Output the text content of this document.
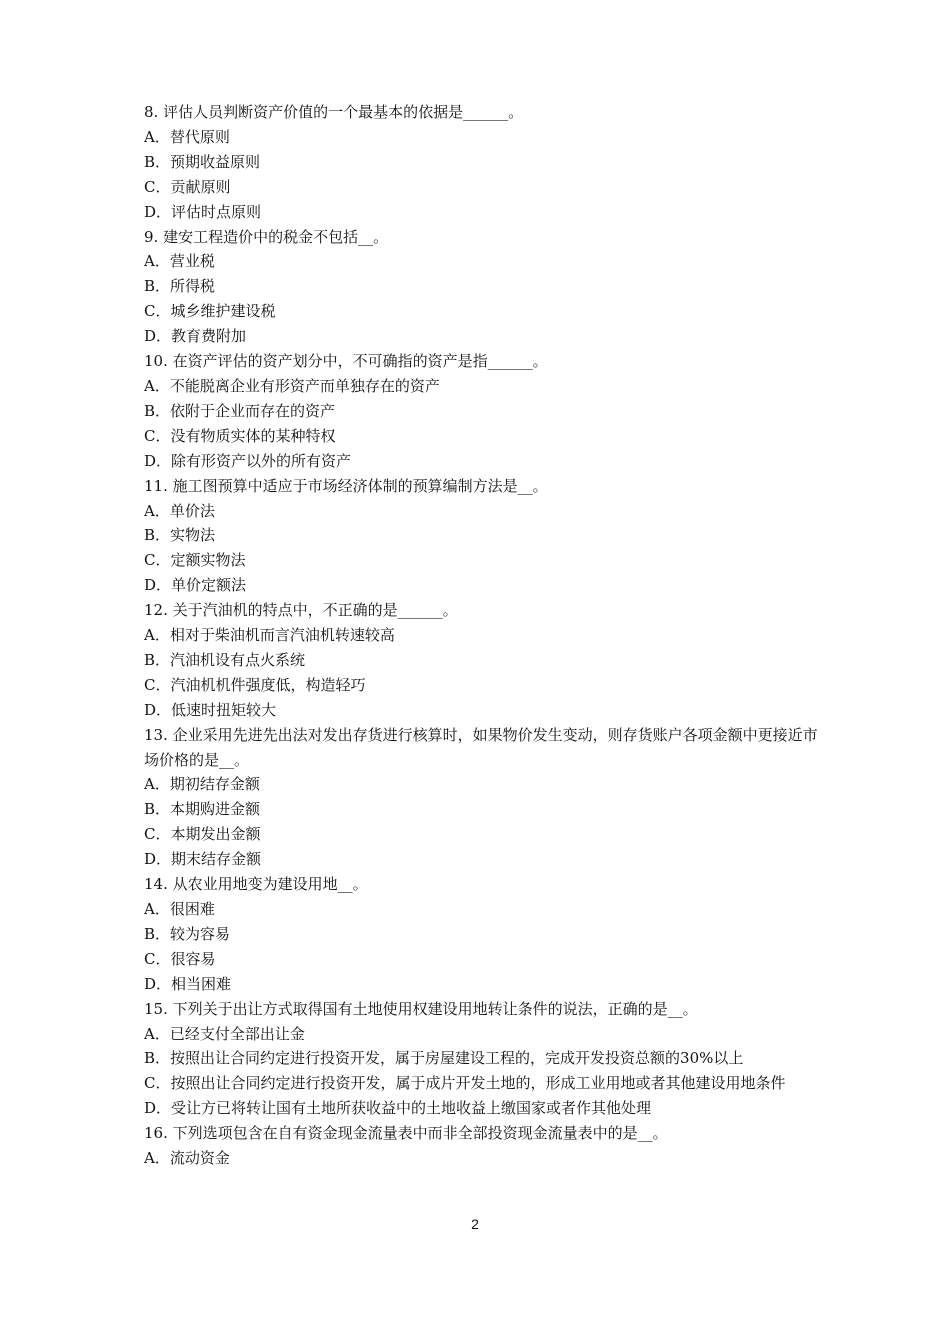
8. 评估人员判断资产价值的一个最基本的依据是______。

A．替代原则

B．预期收益原则

C．贡献原则

D．评估时点原则

9. 建安工程造价中的税金不包括__。

A．营业税

B．所得税

C．城乡维护建设税

D．教育费附加

10. 在资产评估的资产划分中，不可确指的资产是指______。

A．不能脱离企业有形资产而单独存在的资产

B．依附于企业而存在的资产

C．没有物质实体的某种特权

D．除有形资产以外的所有资产

11. 施工图预算中适应于市场经济体制的预算编制方法是__。

A．单价法

B．实物法

C．定额实物法

D．单价定额法

12. 关于汽油机的特点中，不正确的是______。

A．相对于柴油机而言汽油机转速较高

B．汽油机设有点火系统

C．汽油机机件强度低，构造轻巧

D．低速时扭矩较大

13. 企业采用先进先出法对发出存货进行核算时，如果物价发生变动，则存货账户各项金额中更接近市场价格的是__。

A．期初结存金额

B．本期购进金额

C．本期发出金额

D．期末结存金额

14. 从农业用地变为建设用地__。

A．很困难

B．较为容易

C．很容易

D．相当困难

15. 下列关于出让方式取得国有土地使用权建设用地转让条件的说法，正确的是__。

A．已经支付全部出让金

B．按照出让合同约定进行投资开发，属于房屋建设工程的，完成开发投资总额的30%以上

C．按照出让合同约定进行投资开发，属于成片开发土地的，形成工业用地或者其他建设用地条件

D．受让方已将转让国有土地所获收益中的土地收益上缴国家或者作其他处理

16. 下列选项包含在自有资金现金流量表中而非全部投资现金流量表中的是__。

A．流动资金

2
